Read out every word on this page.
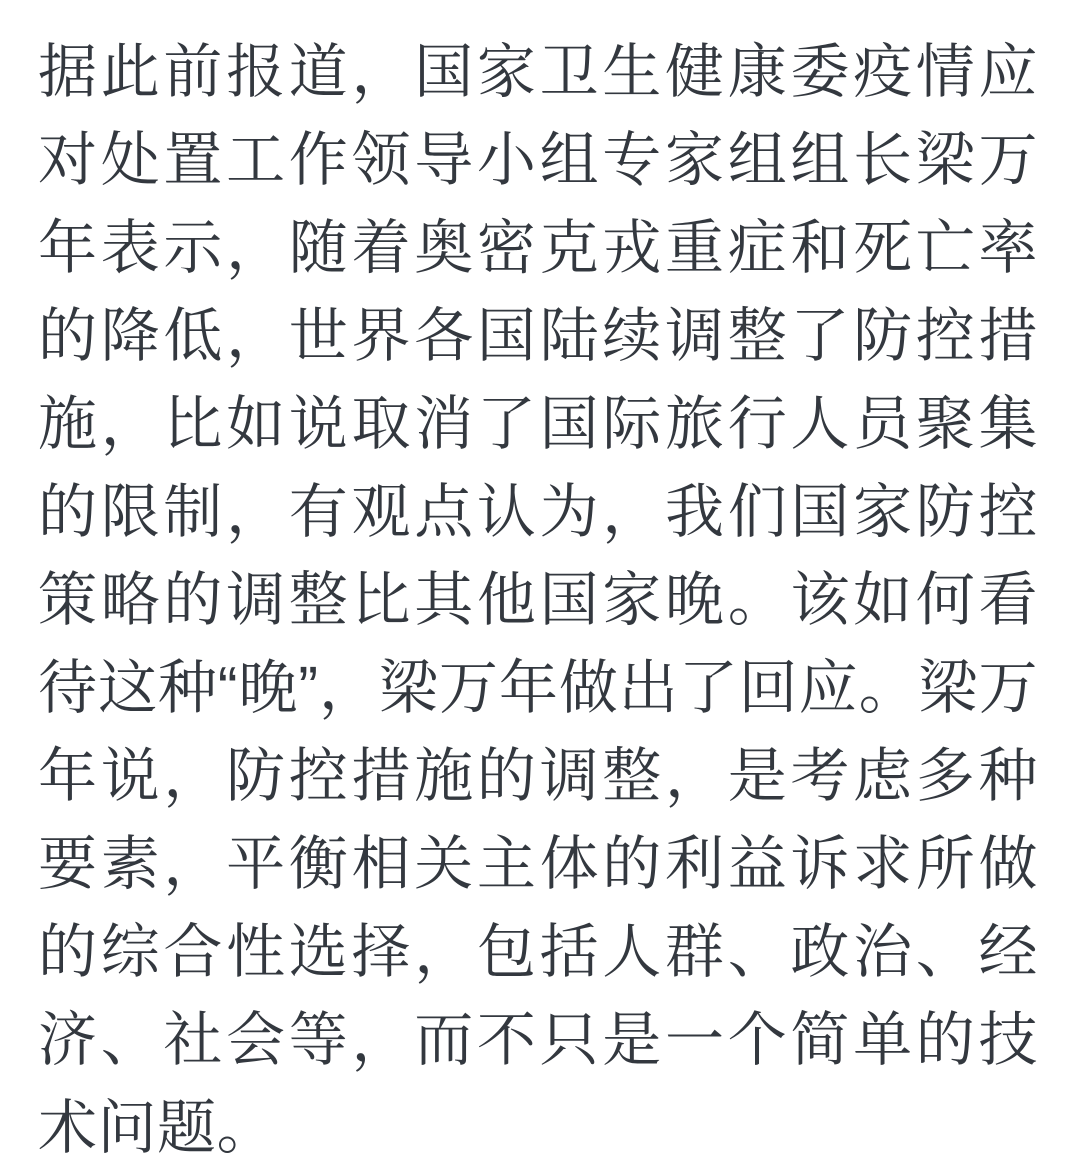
据此前报道，国家卫生健康委疫情应对处置工作领导小组专家组组长梁万年表示，随着奥密克戎重症和死亡率的降低，世界各国陆续调整了防控措施，比如说取消了国际旅行人员聚集的限制，有观点认为，我们国家防控策略的调整比其他国家晚。该如何看待这种“晚”，梁万年做出了回应。梁万年说，防控措施的调整，是考虑多种要素，平衡相关主体的利益诉求所做的综合性选择，包括人群、政治、经济、社会等，而不只是一个简单的技术问题。
